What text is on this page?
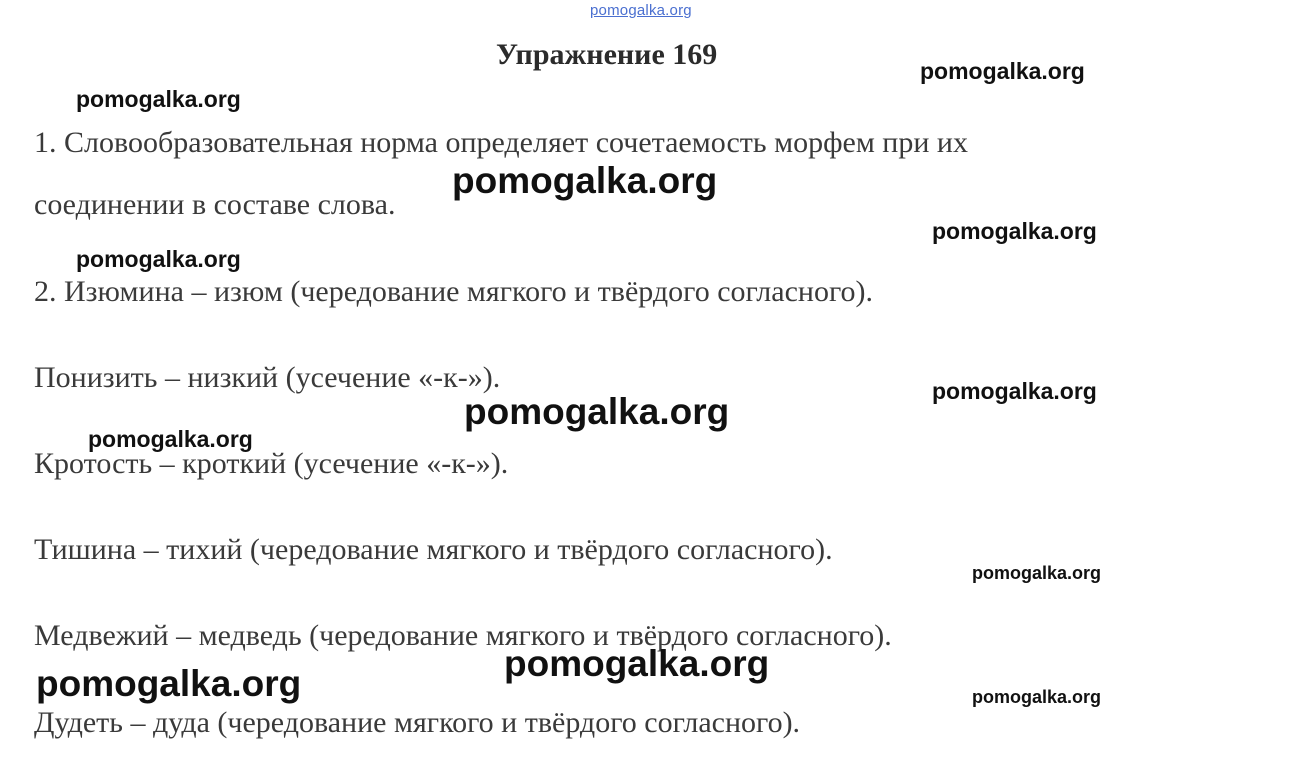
pomogalka.org
Упражнение 169
1. Словообразовательная норма определяет сочетаемость морфем при их
соединении в составе слова.
2. Изюмина – изюм (чередование мягкого и твёрдого согласного).
Понизить – низкий (усечение «-к-»).
Кротость – кроткий (усечение «-к-»).
Тишина – тихий (чередование мягкого и твёрдого согласного).
Медвежий – медведь (чередование мягкого и твёрдого согласного).
Дудеть – дуда (чередование мягкого и твёрдого согласного).
pomogalka.org
pomogalka.org
pomogalka.org
pomogalka.org
pomogalka.org
pomogalka.org
pomogalka.org
pomogalka.org
pomogalka.org
pomogalka.org
pomogalka.org	pomogalka.org
